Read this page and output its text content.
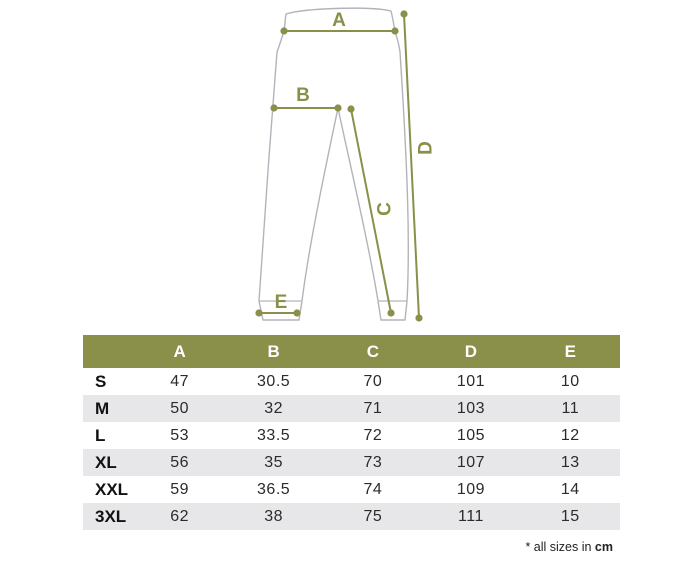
A
B
C
D
E
	A	B	C	D	E
S	47	30.5	70	101	10
M	50	32	71	103	11
L	53	33.5	72	105	12
XL	56	35	73	107	13
XXL	59	36.5	74	109	14
3XL	62	38	75	111	15
* all sizes in cm
